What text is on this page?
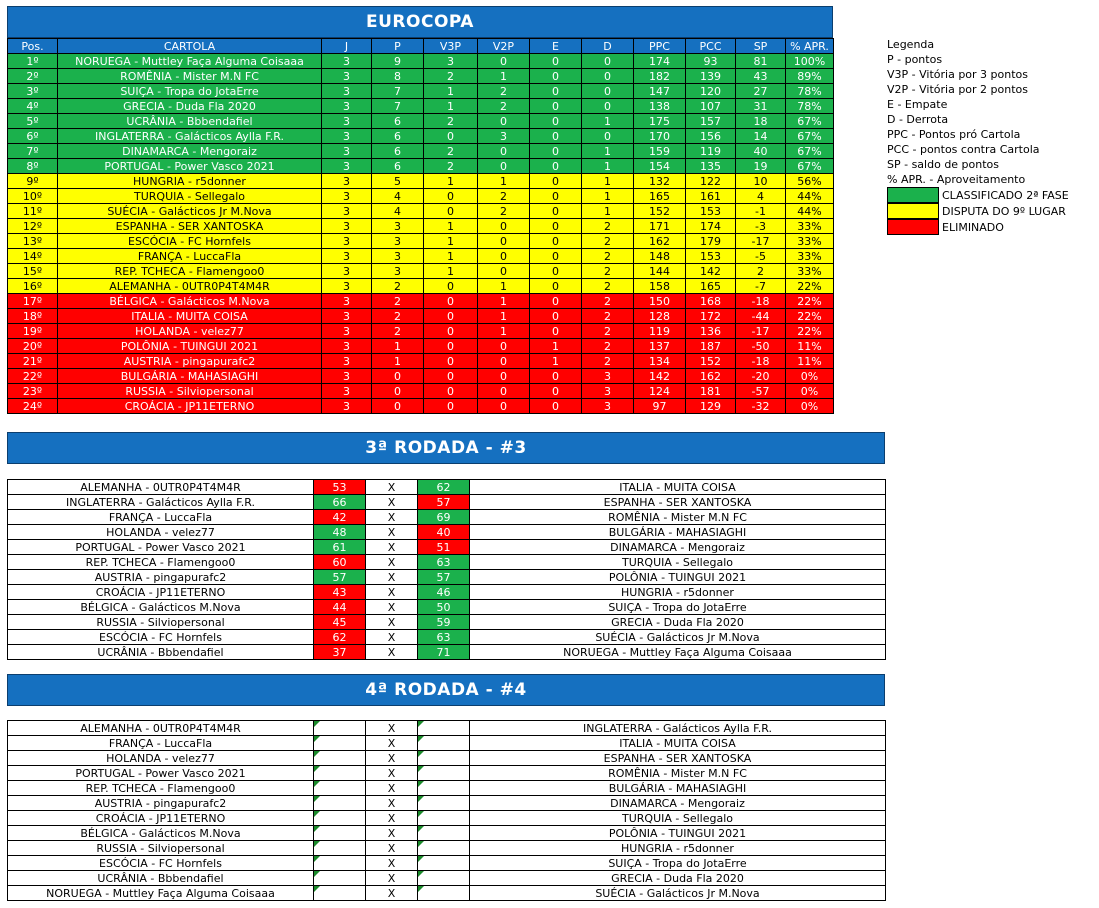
EUROCOPA
Pos.	CARTOLA	J	P	V3P	V2P	E	D	PPC	PCC	SP	% APR.
1º	NORUEGA - Muttley Faça Alguma Coisaaa	3	9	3	0	0	0	174	93	81	100%
2º	ROMÊNIA - Mister M.N FC	3	8	2	1	0	0	182	139	43	89%
3º	SUIÇA - Tropa do JotaErre	3	7	1	2	0	0	147	120	27	78%
4º	GRECIA - Duda Fla 2020	3	7	1	2	0	0	138	107	31	78%
5º	UCRÂNIA - Bbbendafiel	3	6	2	0	0	1	175	157	18	67%
6º	INGLATERRA - Galácticos Aylla F.R.	3	6	0	3	0	0	170	156	14	67%
7º	DINAMARCA - Mengoraiz	3	6	2	0	0	1	159	119	40	67%
8º	PORTUGAL - Power Vasco 2021	3	6	2	0	0	1	154	135	19	67%
9º	HUNGRIA - r5donner	3	5	1	1	0	1	132	122	10	56%
10º	TURQUIA - Sellegalo	3	4	0	2	0	1	165	161	4	44%
11º	SUÉCIA - Galácticos Jr M.Nova	3	4	0	2	0	1	152	153	-1	44%
12º	ESPANHA - SER XANTOSKA	3	3	1	0	0	2	171	174	-3	33%
13º	ESCÓCIA - FC Hornfels	3	3	1	0	0	2	162	179	-17	33%
14º	FRANÇA - LuccaFla	3	3	1	0	0	2	148	153	-5	33%
15º	REP. TCHECA - Flamengoo0	3	3	1	0	0	2	144	142	2	33%
16º	ALEMANHA - 0UTR0P4T4M4R	3	2	0	1	0	2	158	165	-7	22%
17º	BÉLGICA - Galácticos M.Nova	3	2	0	1	0	2	150	168	-18	22%
18º	ITALIA - MUITA COISA	3	2	0	1	0	2	128	172	-44	22%
19º	HOLANDA - velez77	3	2	0	1	0	2	119	136	-17	22%
20º	POLÔNIA - TUINGUI 2021	3	1	0	0	1	2	137	187	-50	11%
21º	AUSTRIA - pingapurafc2	3	1	0	0	1	2	134	152	-18	11%
22º	BULGÁRIA - MAHASIAGHI	3	0	0	0	0	3	142	162	-20	0%
23º	RUSSIA - Silviopersonal	3	0	0	0	0	3	124	181	-57	0%
24º	CROÁCIA - JP11ETERNO	3	0	0	0	0	3	97	129	-32	0%
Legenda
P - pontos
V3P - Vitória por 3 pontos
V2P - Vitória por 2 pontos
E - Empate
D - Derrota
PPC - Pontos pró Cartola
PCC - pontos contra Cartola
SP - saldo de pontos
% APR. - Aproveitamento
CLASSIFICADO 2ª FASE
DISPUTA DO 9º LUGAR
ELIMINADO
3ª RODADA - #3
ALEMANHA - 0UTR0P4T4M4R	53	X	62	ITALIA - MUITA COISA
INGLATERRA - Galácticos Aylla F.R.	66	X	57	ESPANHA - SER XANTOSKA
FRANÇA - LuccaFla	42	X	69	ROMÊNIA - Mister M.N FC
HOLANDA - velez77	48	X	40	BULGÁRIA - MAHASIAGHI
PORTUGAL - Power Vasco 2021	61	X	51	DINAMARCA - Mengoraiz
REP. TCHECA - Flamengoo0	60	X	63	TURQUIA - Sellegalo
AUSTRIA - pingapurafc2	57	X	57	POLÔNIA - TUINGUI 2021
CROÁCIA - JP11ETERNO	43	X	46	HUNGRIA - r5donner
BÉLGICA - Galácticos M.Nova	44	X	50	SUIÇA - Tropa do JotaErre
RUSSIA - Silviopersonal	45	X	59	GRECIA - Duda Fla 2020
ESCÓCIA - FC Hornfels	62	X	63	SUÉCIA - Galácticos Jr M.Nova
UCRÂNIA - Bbbendafiel	37	X	71	NORUEGA - Muttley Faça Alguma Coisaaa
4ª RODADA - #4
ALEMANHA - 0UTR0P4T4M4R		X		INGLATERRA - Galácticos Aylla F.R.
FRANÇA - LuccaFla		X		ITALIA - MUITA COISA
HOLANDA - velez77		X		ESPANHA - SER XANTOSKA
PORTUGAL - Power Vasco 2021		X		ROMÊNIA - Mister M.N FC
REP. TCHECA - Flamengoo0		X		BULGÁRIA - MAHASIAGHI
AUSTRIA - pingapurafc2		X		DINAMARCA - Mengoraiz
CROÁCIA - JP11ETERNO		X		TURQUIA - Sellegalo
BÉLGICA - Galácticos M.Nova		X		POLÔNIA - TUINGUI 2021
RUSSIA - Silviopersonal		X		HUNGRIA - r5donner
ESCÓCIA - FC Hornfels		X		SUIÇA - Tropa do JotaErre
UCRÂNIA - Bbbendafiel		X		GRECIA - Duda Fla 2020
NORUEGA - Muttley Faça Alguma Coisaaa		X		SUÉCIA - Galácticos Jr M.Nova
